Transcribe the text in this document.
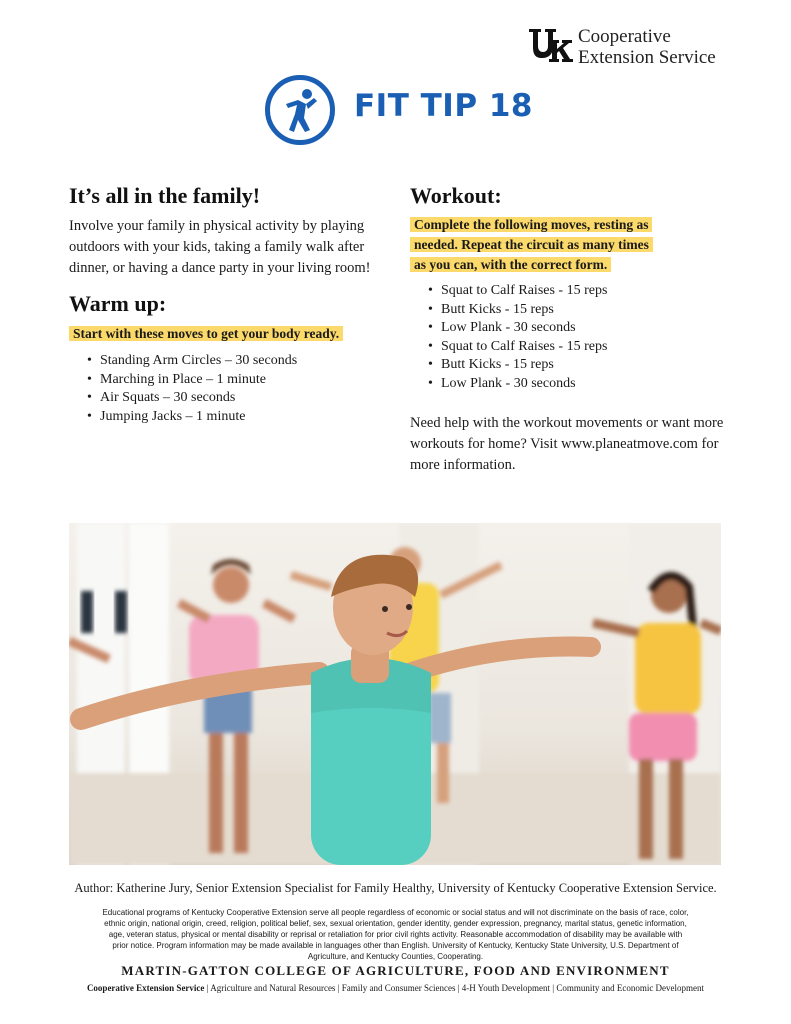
Cooperative
Extension Service
FIT TIP 18
It’s all in the family!
Involve your family in physical activity by playing outdoors with your kids, taking a family walk after dinner, or having a dance party in your living room!
Warm up:
Start with these moves to get your body ready.
• Standing Arm Circles – 30 seconds
• Marching in Place – 1 minute
• Air Squats – 30 seconds
• Jumping Jacks – 1 minute
Workout:
Complete the following moves, resting as
needed. Repeat the circuit as many times
as you can, with the correct form.
• Squat to Calf Raises - 15 reps
• Butt Kicks - 15 reps
• Low Plank - 30 seconds
• Squat to Calf Raises - 15 reps
• Butt Kicks - 15 reps
• Low Plank - 30 seconds
Need help with the workout movements or want more workouts for home? Visit www.planeatmove.com for more information.
Author: Katherine Jury, Senior Extension Specialist for Family Healthy, University of Kentucky Cooperative Extension Service.
Educational programs of Kentucky Cooperative Extension serve all people regardless of economic or social status and will not discriminate on the basis of race, color, ethnic origin, national origin, creed, religion, political belief, sex, sexual orientation, gender identity, gender expression, pregnancy, marital status, genetic information, age, veteran status, physical or mental disability or reprisal or retaliation for prior civil rights activity. Reasonable accommodation of disability may be available with prior notice. Program information may be made available in languages other than English. University of Kentucky, Kentucky State University, U.S. Department of Agriculture, and Kentucky Counties, Cooperating.
MARTIN-GATTON COLLEGE OF AGRICULTURE, FOOD AND ENVIRONMENT
Cooperative Extension Service | Agriculture and Natural Resources | Family and Consumer Sciences | 4-H Youth Development | Community and Economic Development
